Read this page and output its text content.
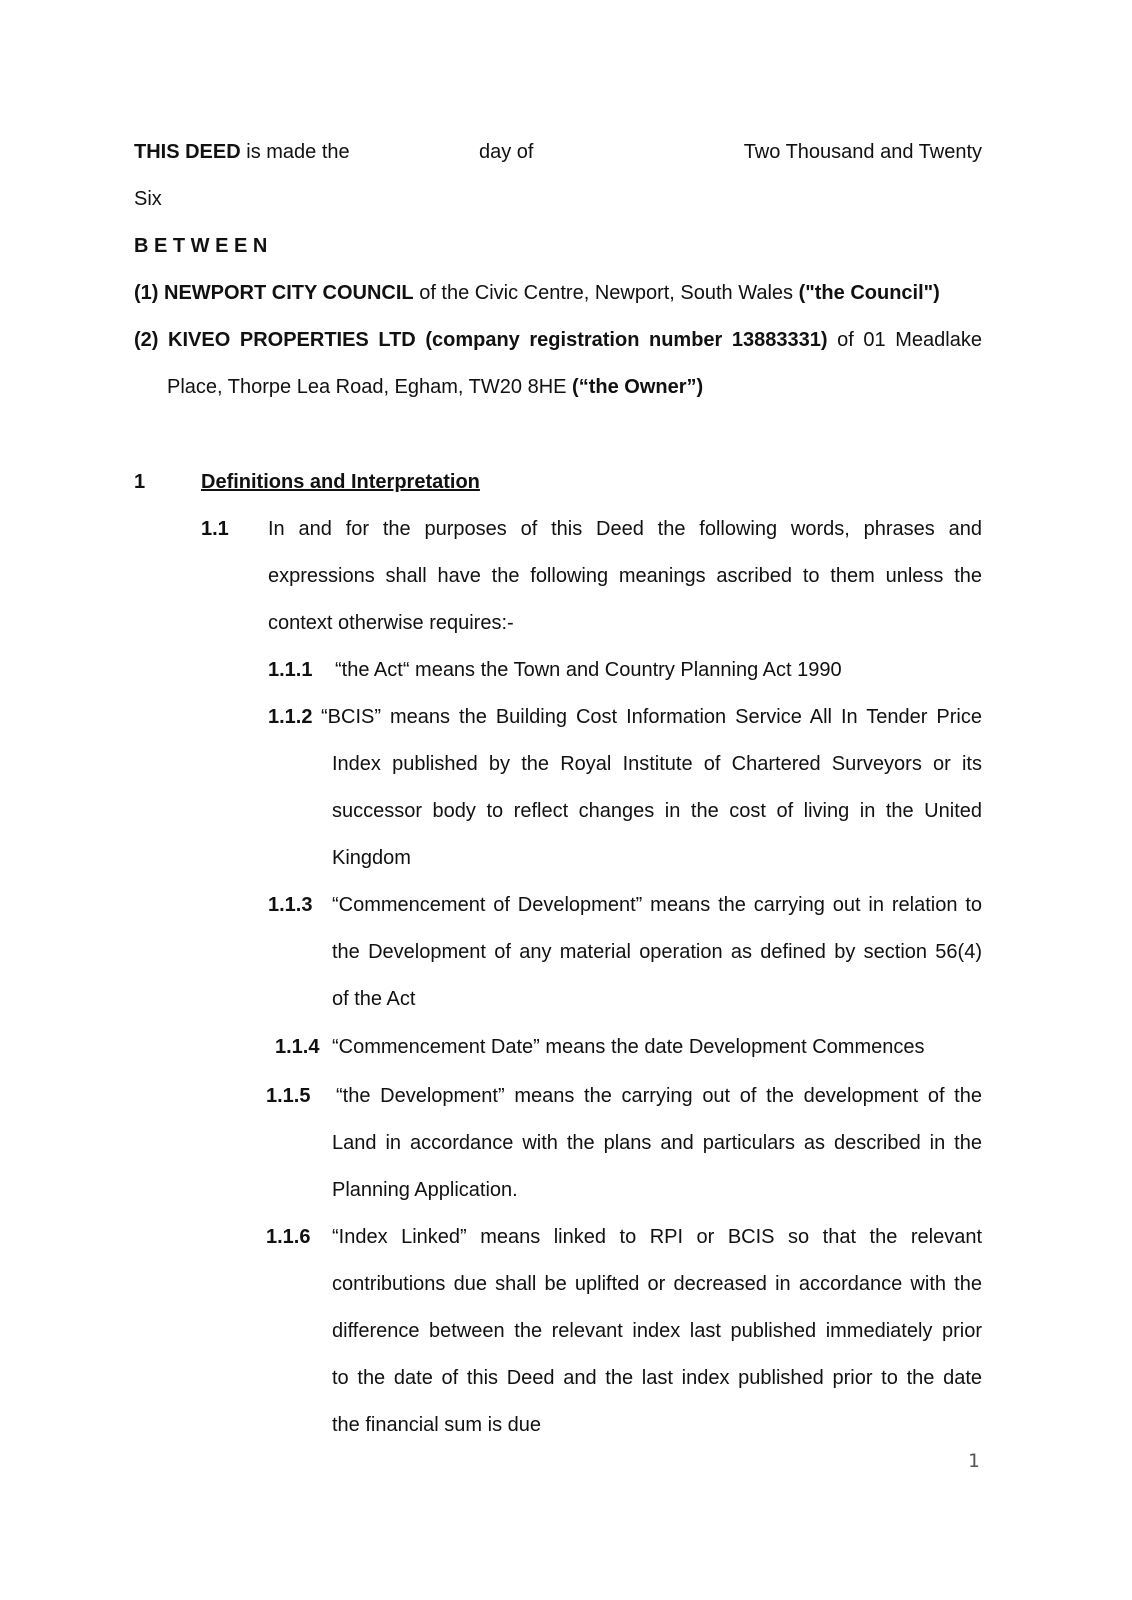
THIS DEED is made the	day of	Two Thousand and Twenty
Six
B E T W E E N
(1) NEWPORT CITY COUNCIL of the Civic Centre, Newport, South Wales ("the Council")
(2) KIVEO PROPERTIES LTD (company registration number 13883331) of 01 Meadlake
Place, Thorpe Lea Road, Egham, TW20 8HE (“the Owner”)
1	Definitions and Interpretation
1.1 In and for the purposes of this Deed the following words, phrases and
expressions shall have the following meanings ascribed to them unless the
context otherwise requires:-
1.1.1 “the Act“ means the Town and Country Planning Act 1990
1.1.2 “BCIS” means the Building Cost Information Service All In Tender Price
Index published by the Royal Institute of Chartered Surveyors or its
successor body to reflect changes in the cost of living in the United
Kingdom
1.1.3 “Commencement of Development” means the carrying out in relation to
the Development of any material operation as defined by section 56(4)
of the Act
1.1.4 “Commencement Date” means the date Development Commences
1.1.5 “the Development” means the carrying out of the development of the
Land in accordance with the plans and particulars as described in the
Planning Application.
1.1.6 “Index Linked” means linked to RPI or BCIS so that the relevant
contributions due shall be uplifted or decreased in accordance with the
difference between the relevant index last published immediately prior
to the date of this Deed and the last index published prior to the date
the financial sum is due
1
